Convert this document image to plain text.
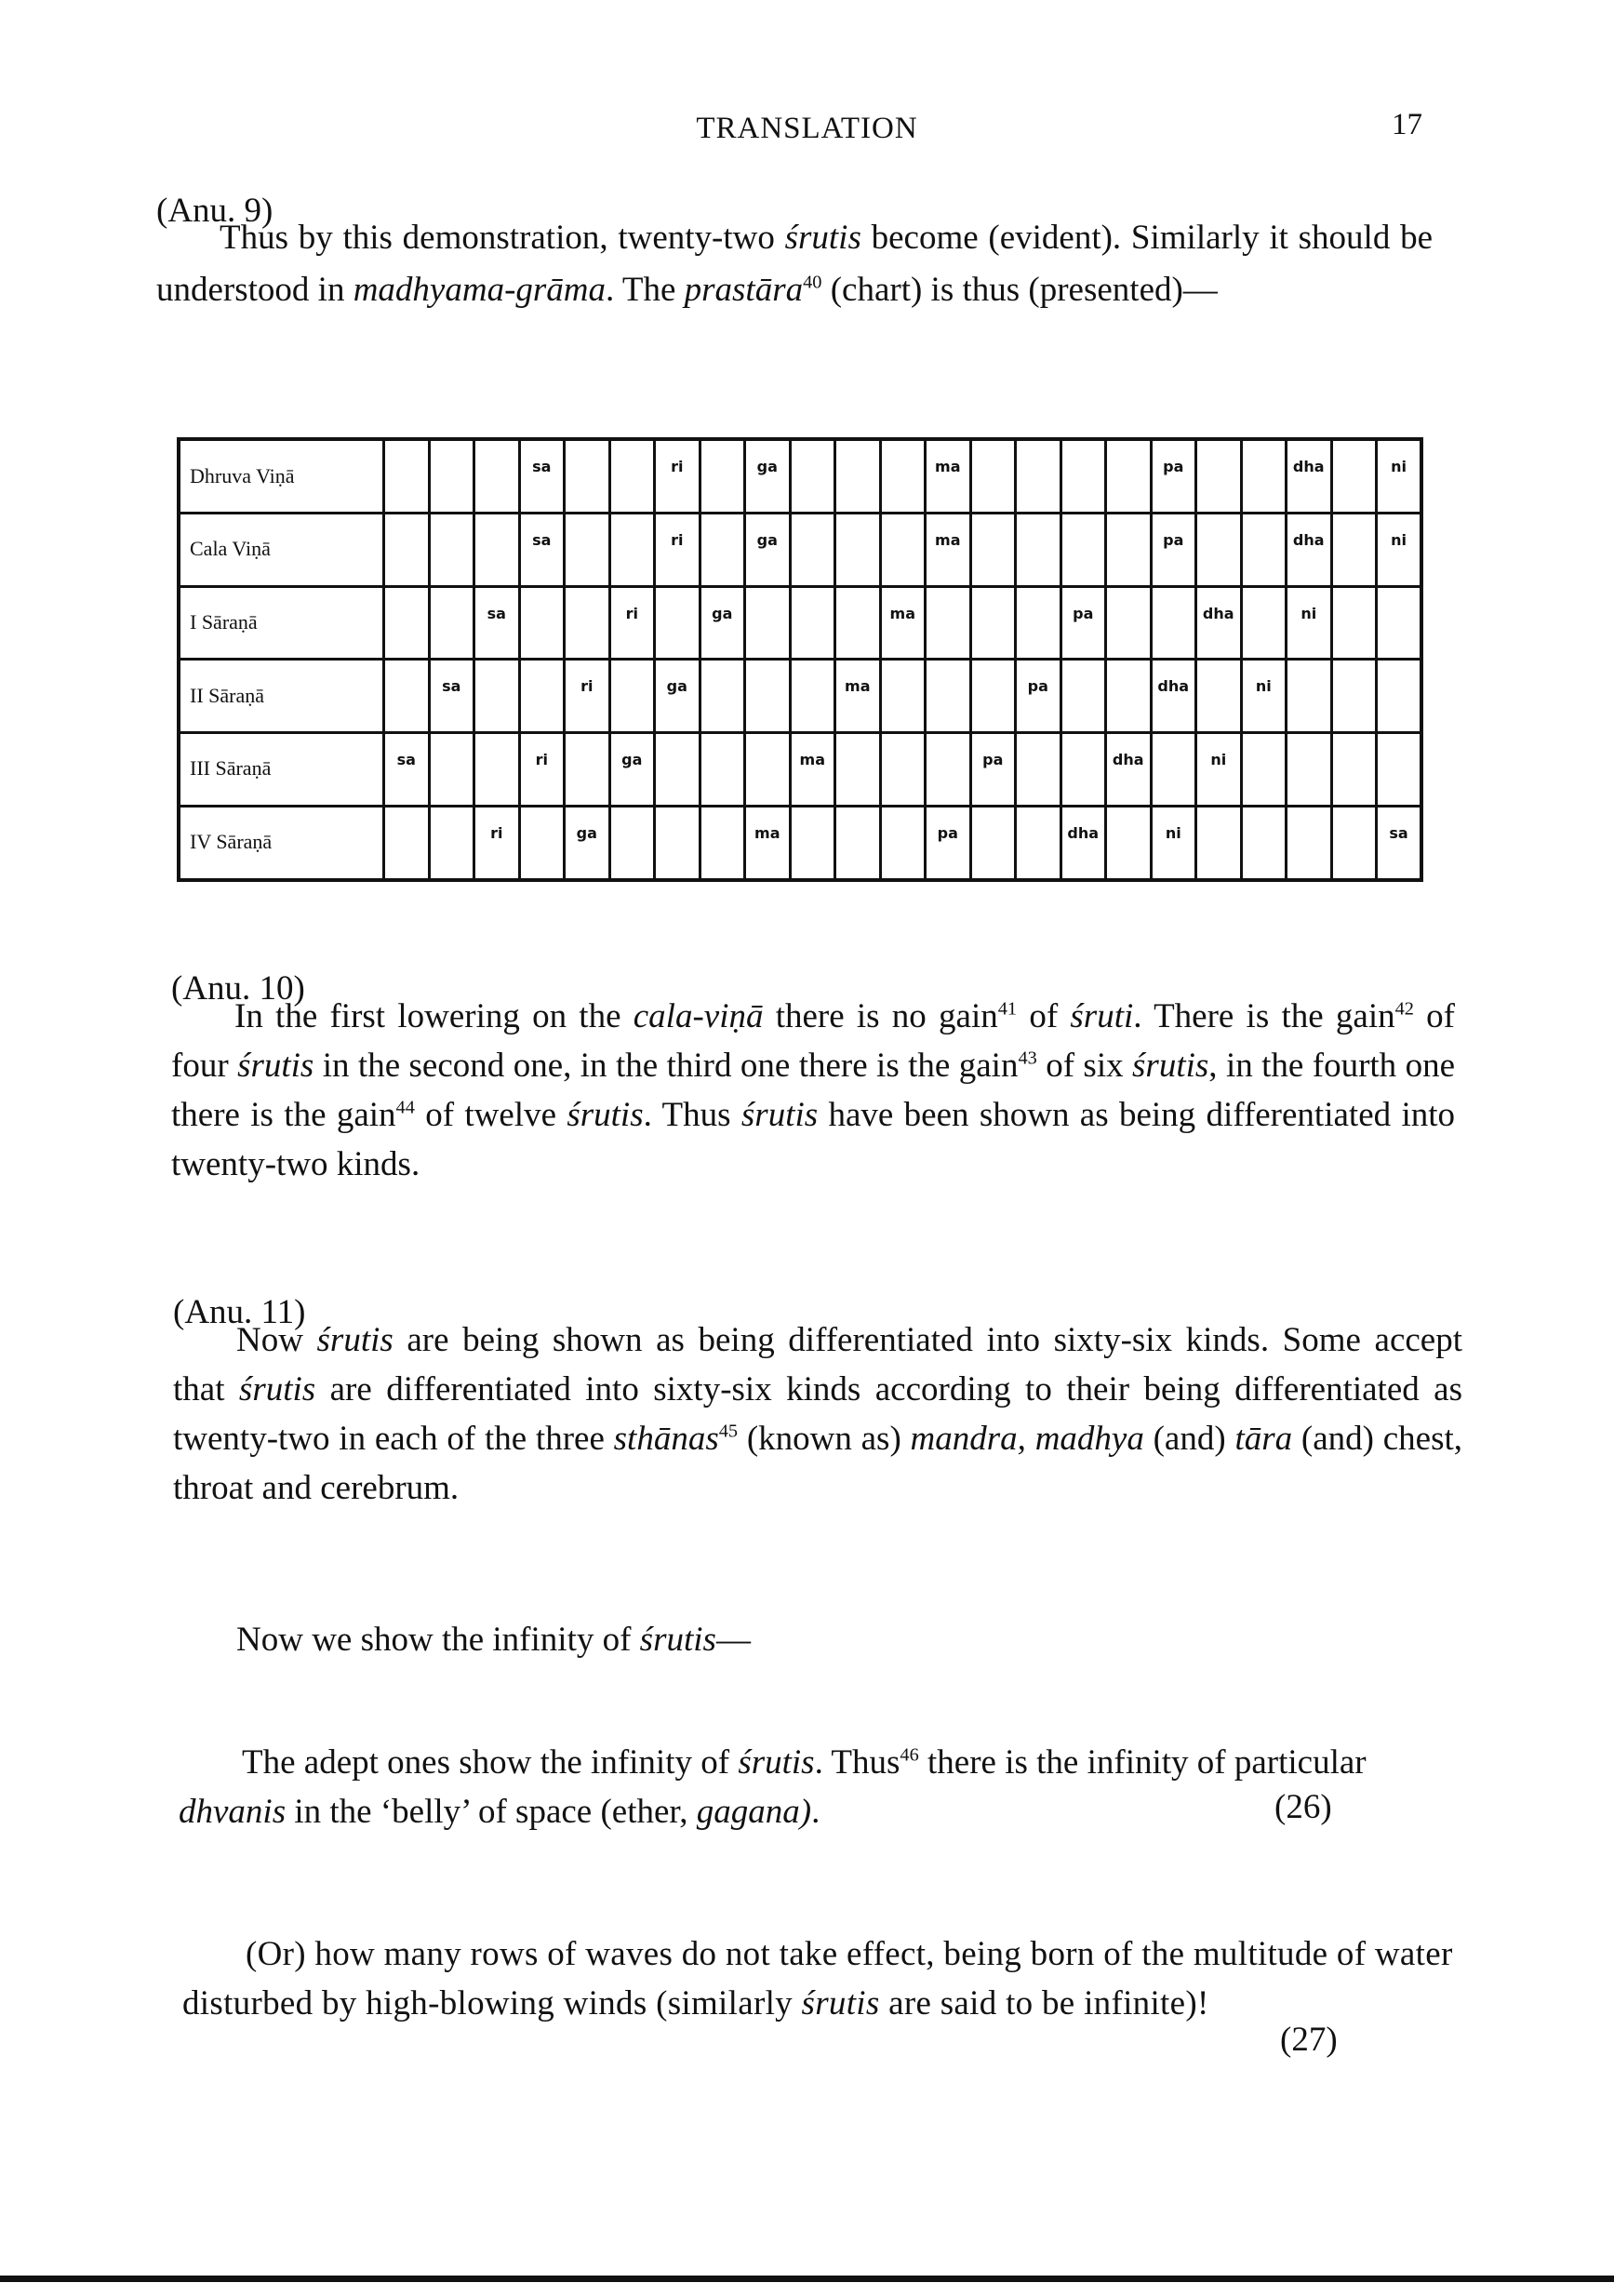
TRANSLATION	17
(Anu. 9)
Thus by this demonstration, twenty-two śrutis become (evident). Similarly it should be understood in madhyama-grāma. The prastāra$^{40}$ (chart) is thus (presented)—
Dhruva Viṇā				sa			ri		ga				ma					pa			dha		ni
Cala Viṇā				sa			ri		ga				ma					pa			dha		ni
I Sāraṇā			sa			ri		ga				ma				pa			dha		ni		
II Sāraṇā		sa			ri		ga				ma				pa			dha		ni			
III Sāraṇā	sa			ri		ga				ma				pa			dha		ni				
IV Sāraṇā			ri		ga				ma				pa			dha		ni					sa
(Anu. 10)
In the first lowering on the cala-viṇā there is no gain$^{41}$ of śruti. There is the gain$^{42}$ of four śrutis in the second one, in the third one there is the gain$^{43}$ of six śrutis, in the fourth one there is the gain$^{44}$ of twelve śrutis. Thus śrutis have been shown as being differentiated into twenty-two kinds.
(Anu. 11)
Now śrutis are being shown as being differentiated into sixty-six kinds. Some accept that śrutis are differentiated into sixty-six kinds according to their being differentiated as twenty-two in each of the three sthānas$^{45}$ (known as) mandra, madhya (and) tāra (and) chest, throat and cerebrum.
Now we show the infinity of śrutis—
The adept ones show the infinity of śrutis. Thus$^{46}$ there is the infinity of particular dhvanis in the ‘belly’ of space (ether, gagana).	(26)
(Or) how many rows of waves do not take effect, being born of the multitude of water disturbed by high-blowing winds (similarly śrutis are said to be infinite)!
(27)
